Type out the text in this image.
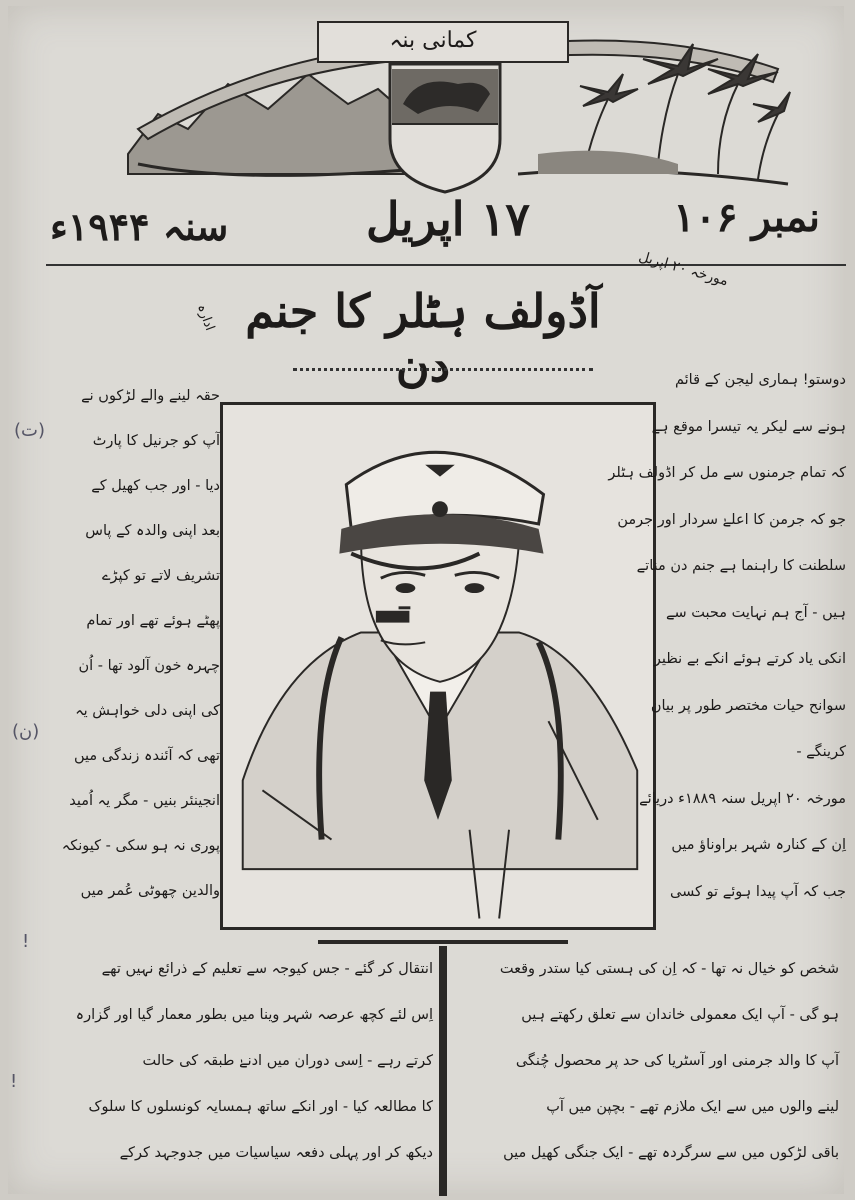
کمانی بنہ
نمبر ۱۰۶
۱۷ اپریل
سنہ ۱۹۴۴ء
آڈولف ہٹلر کا جنم دن
مورخہ ۲۰ اپریل
دوستو! ہماری لیجن کے قائم
ہونے سے لیکر یہ تیسرا موقع ہے
کہ تمام جرمنوں سے مل کر اڈولف ہٹلر
جو کہ جرمن کا اعلےٰ سردار اور جرمن
سلطنت کا راہنما ہے جنم دن مناتے
ہیں - آج ہم نہایت محبت سے
انکی یاد کرتے ہوئے انکے بے نظیر
سوانح حیات مختصر طور پر بیان
کرینگے -
مورخہ ۲۰ اپریل سنہ ۱۸۸۹ء دریائے
اِن کے کنارہ شہر براوناؤ میں
جب کہ آپ پیدا ہوئے تو کسی
حقہ لینے والے لڑکوں نے
آپ کو جرنیل کا پارٹ
دیا - اور جب کھیل کے
بعد اپنی والدہ کے پاس
تشریف لاتے تو کپڑے
پھٹے ہوئے تھے اور تمام
چہرہ خون آلود تھا - اُن
کی اپنی دلی خواہش یہ
تھی کہ آئندہ زندگی میں
انجینئر بنیں - مگر یہ اُمید
پوری نہ ہو سکی - کیونکہ
والدین چھوٹی عُمر میں
انتقال کر گئے - جس کیوجہ سے تعلیم کے ذرائع نہیں تھے
اِس لئے کچھ عرصہ شہر وینا میں بطور معمار گیا اور گزارہ
کرتے رہے - اِسی دوران میں ادنےٰ طبقہ کی حالت
کا مطالعہ کیا - اور انکے ساتھ ہمسایہ کونسلوں کا سلوک
دیکھ کر اور پہلی دفعہ سیاسیات میں جدوجہد کرکے
شخص کو خیال نہ تھا - کہ اِن کی ہستی کیا ستدر وقعت
ہو گی - آپ ایک معمولی خاندان سے تعلق رکھتے ہیں
آپ کا والد جرمنی اور آسٹریا کی حد پر محصول چُنگی
لینے والوں میں سے ایک ملازم تھے - بچپن میں آپ
باقی لڑکوں میں سے سرگردہ تھے - ایک جنگی کھیل میں
ادارہ
(ت)
(ن)
!
!
